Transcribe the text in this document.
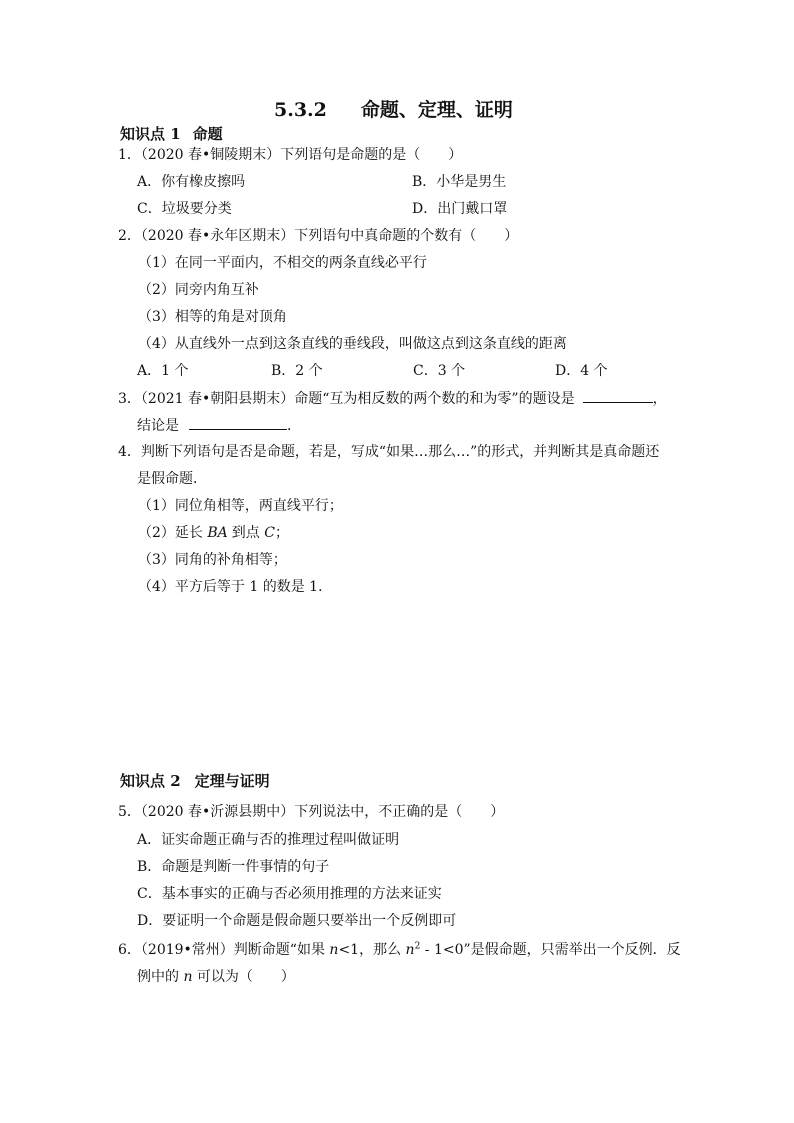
5.3.2 命题、定理、证明
知识点 1 命题
1．（2020 春•铜陵期末）下列语句是命题的是（　　）
A．你有橡皮擦吗	B．小华是男生
C．垃圾要分类	D．出门戴口罩
2．（2020 春•永年区期末）下列语句中真命题的个数有（　　）
（1）在同一平面内，不相交的两条直线必平行
（2）同旁内角互补
（3）相等的角是对顶角
（4）从直线外一点到这条直线的垂线段，叫做这点到这条直线的距离
A．1 个	B．2 个	C．3 个	D．4 个
3．（2021 春•朝阳县期末）命题“互为相反数的两个数的和为零”的题设是	，
结论是	．
4．判断下列语句是否是命题，若是，写成“如果…那么…”的形式，并判断其是真命题还
是假命题．
（1）同位角相等，两直线平行；
（2）延长 BA 到点 C；
（3）同角的补角相等；
（4）平方后等于 1 的数是 1．
知识点 2 定理与证明
5．（2020 春•沂源县期中）下列说法中，不正确的是（　　）
A．证实命题正确与否的推理过程叫做证明
B．命题是判断一件事情的句子
C．基本事实的正确与否必须用推理的方法来证实
D．要证明一个命题是假命题只要举出一个反例即可
6．（2019•常州）判断命题“如果 n<1，那么 $n^2 - 1<0$”是假命题，只需举出一个反例．反
例中的 n 可以为（　　）
